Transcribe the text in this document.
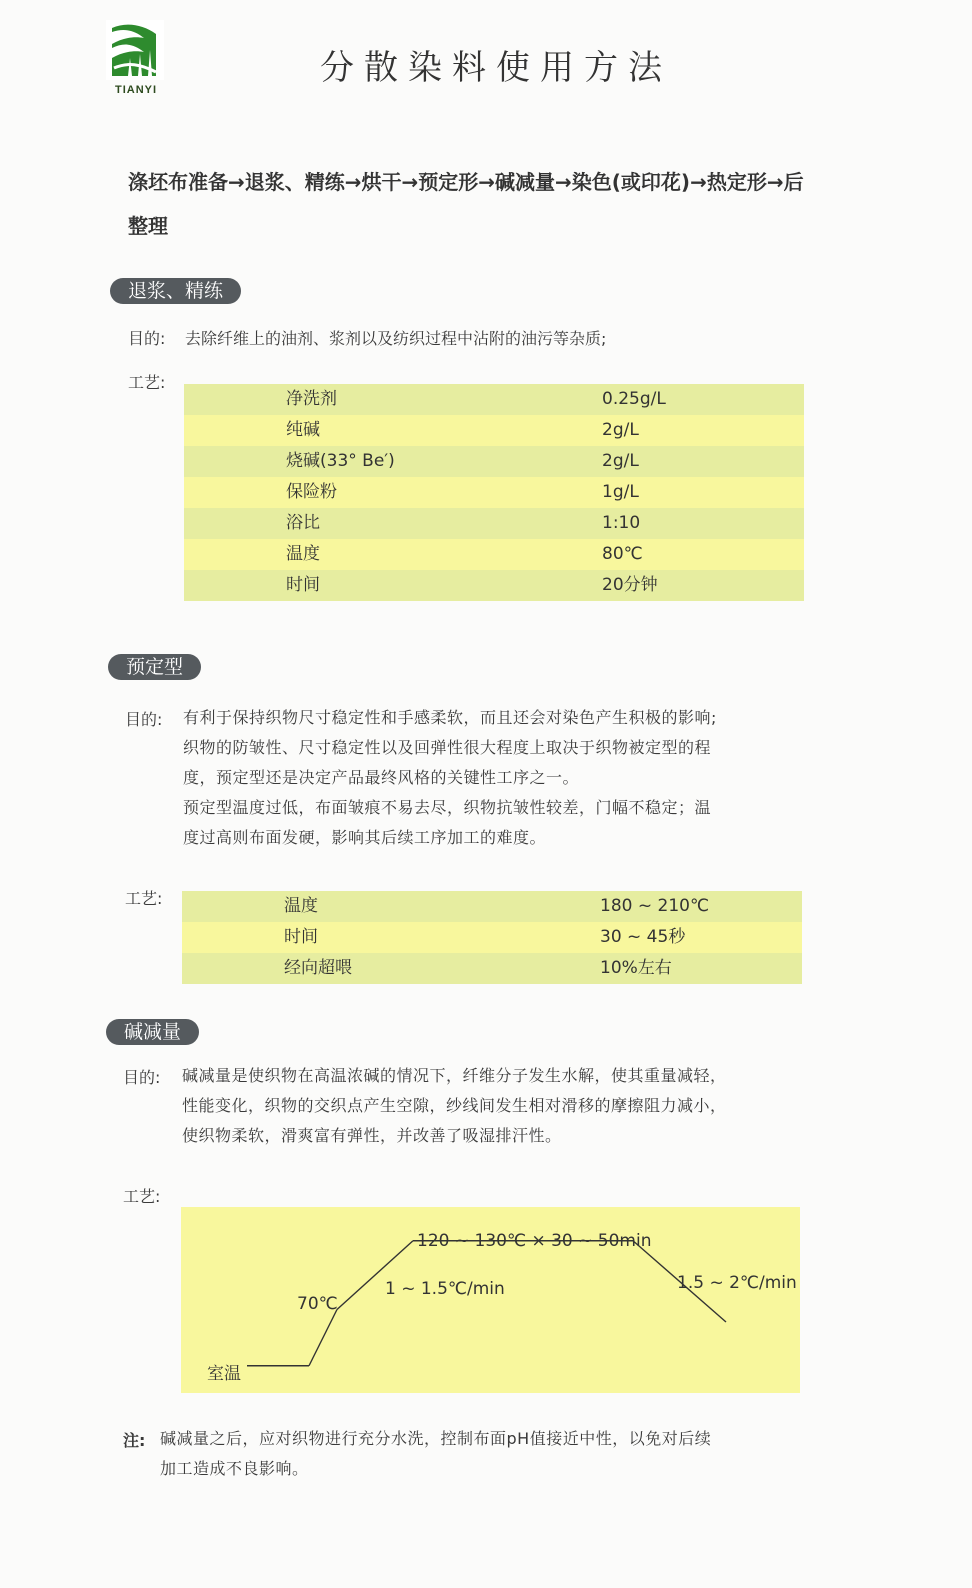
TIANYI
分散染料使用方法
涤坯布准备→退浆、精练→烘干→预定形→碱减量→染色(或印花)→热定形→后整理
退浆、精练
目的: 去除纤维上的油剂、浆剂以及纺织过程中沾附的油污等杂质;
工艺:
净洗剂	0.25g/L
纯碱	2g/L
烧碱(33° Be′)	2g/L
保险粉	1g/L
浴比	1:10
温度	80℃
时间	20分钟
预定型
目的: 有利于保持织物尺寸稳定性和手感柔软，而且还会对染色产生积极的影响;
织物的防皱性、尺寸稳定性以及回弹性很大程度上取决于织物被定型的程
度，预定型还是决定产品最终风格的关键性工序之一。
预定型温度过低，布面皱痕不易去尽，织物抗皱性较差，门幅不稳定；温
度过高则布面发硬，影响其后续工序加工的难度。
工艺:	温度	180 ~ 210℃
时间	30 ~ 45秒
经向超喂	10%左右
碱减量
目的: 碱减量是使织物在高温浓碱的情况下，纤维分子发生水解，使其重量减轻，
性能变化，织物的交织点产生空隙，纱线间发生相对滑移的摩擦阻力减小，
使织物柔软，滑爽富有弹性，并改善了吸湿排汗性。
工艺:
室温
70℃
120 ~ 130℃ × 30 ~ 50min
1 ~ 1.5℃/min	1.5 ~ 2℃/min
注: 碱减量之后，应对织物进行充分水洗，控制布面pH值接近中性，以免对后续
加工造成不良影响。
